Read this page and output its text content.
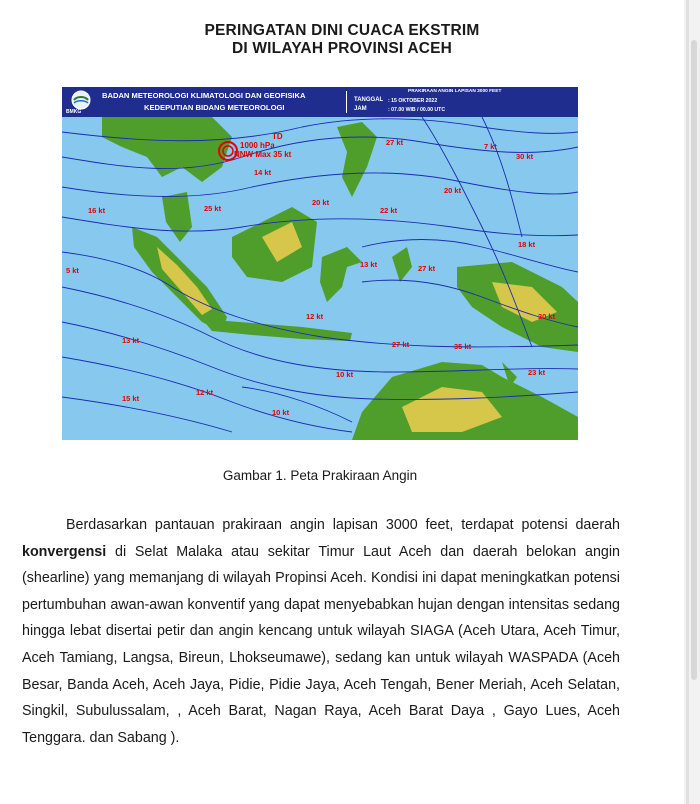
PERINGATAN DINI CUACA EKSTRIM
DI WILAYAH PROVINSI ACEH
TD
1000 hPa
NNW Max 35 kt
14 kt
25 kt
20 kt
22 kt
27 kt	7 kt
30 kt
20 kt
16 kt
5 kt
13 kt
18 kt
27 kt
10 kt
13 kt
12 kt
15 kt
12 kt
27 kt	35 kt
23 kt
30 kt
10 kt
BMKG
BADAN METEOROLOGI KLIMATOLOGI DAN GEOFISIKA
KEDEPUTIAN BIDANG METEOROLOGI
PRAKIRAAN ANGIN LAPISAN 3000 FEET
TANGGAL : 15 OKTOBER 2022
JAM	: 07.00 WIB / 00.00 UTC

Gambar 1. Peta Prakiraan Angin

Berdasarkan pantauan prakiraan angin lapisan 3000 feet, terdapat potensi daerah konvergensi di Selat Malaka atau sekitar Timur Laut Aceh dan daerah belokan angin (shearline) yang memanjang di wilayah Propinsi Aceh. Kondisi ini dapat meningkatkan potensi pertumbuhan awan-awan konventif yang dapat menyebabkan hujan dengan intensitas sedang hingga lebat disertai petir dan angin kencang untuk wilayah SIAGA (Aceh Utara, Aceh Timur, Aceh Tamiang, Langsa, Bireun, Lhokseumawe), sedang kan untuk wilayah WASPADA (Aceh Besar, Banda Aceh, Aceh Jaya, Pidie, Pidie Jaya, Aceh Tengah, Bener Meriah, Aceh Selatan, Singkil, Subulussalam, , Aceh Barat, Nagan Raya, Aceh Barat Daya , Gayo Lues, Aceh Tenggara. dan Sabang ).
